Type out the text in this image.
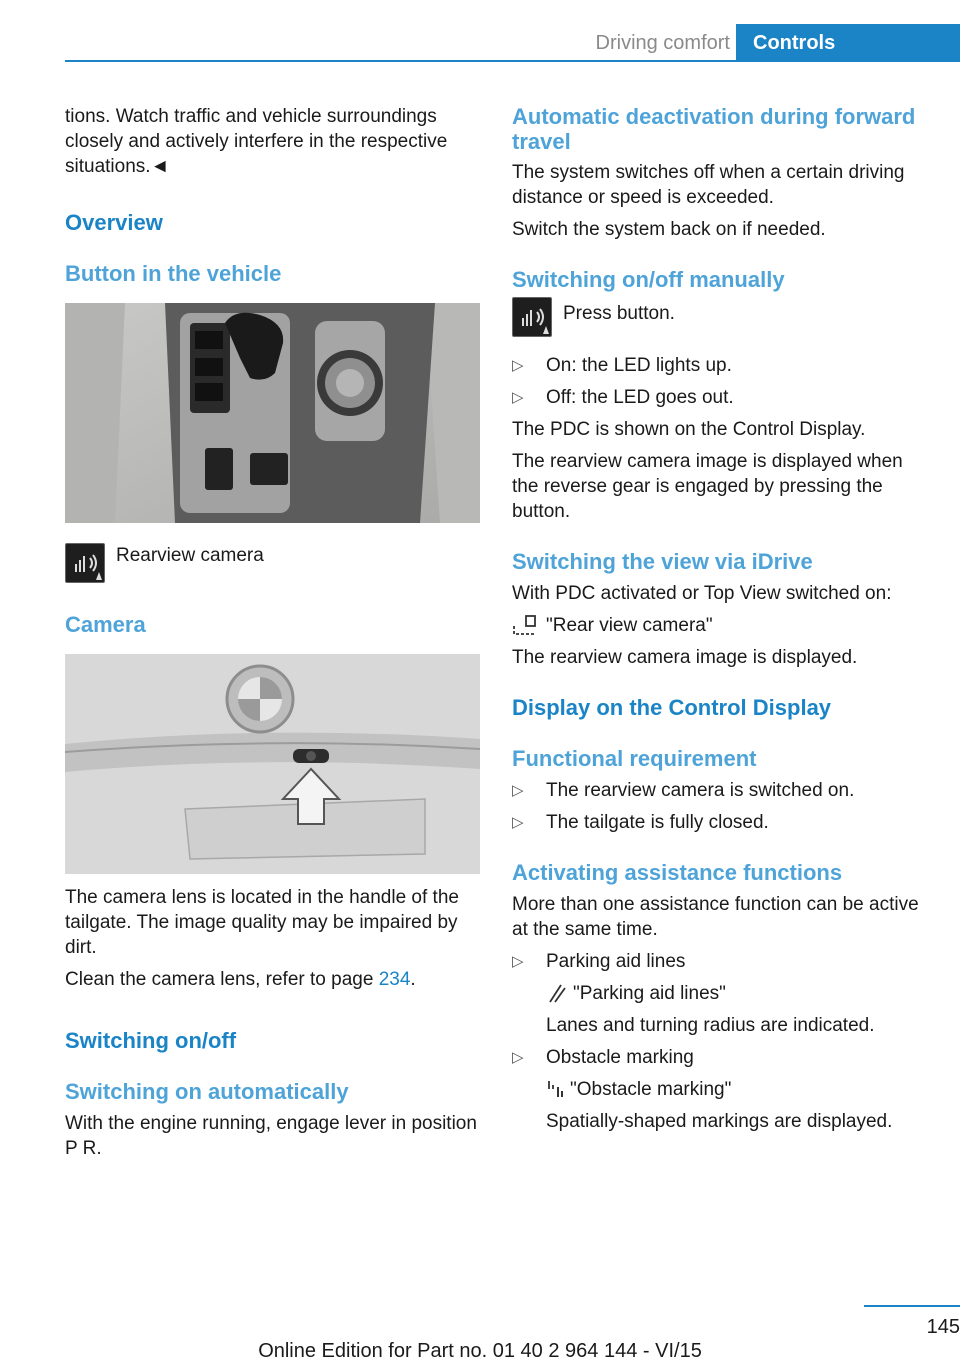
Driving comfort	Controls

tions. Watch traffic and vehicle surroundings closely and actively interfere in the respective situations.◄

Overview

Button in the vehicle

Rearview camera

Camera

The camera lens is located in the handle of the tailgate. The image quality may be impaired by dirt.

Clean the camera lens, refer to page 234.

Switching on/off

Switching on automatically

With the engine running, engage lever in position P R.

Automatic deactivation during forward travel

The system switches off when a certain driving distance or speed is exceeded.

Switch the system back on if needed.

Switching on/off manually

Press button.
▷ On: the LED lights up.
▷ Off: the LED goes out.

The PDC is shown on the Control Display.

The rearview camera image is displayed when the reverse gear is engaged by pressing the button.

Switching the view via iDrive

With PDC activated or Top View switched on:

"Rear view camera"

The rearview camera image is displayed.

Display on the Control Display

Functional requirement

▷ The rearview camera is switched on.
▷ The tailgate is fully closed.

Activating assistance functions

More than one assistance function can be active at the same time.

▷ Parking aid lines
"Parking aid lines"
Lanes and turning radius are indicated.
▷ Obstacle marking
"Obstacle marking"
Spatially-shaped markings are displayed.
145
Online Edition for Part no. 01 40 2 964 144 - VI/15
